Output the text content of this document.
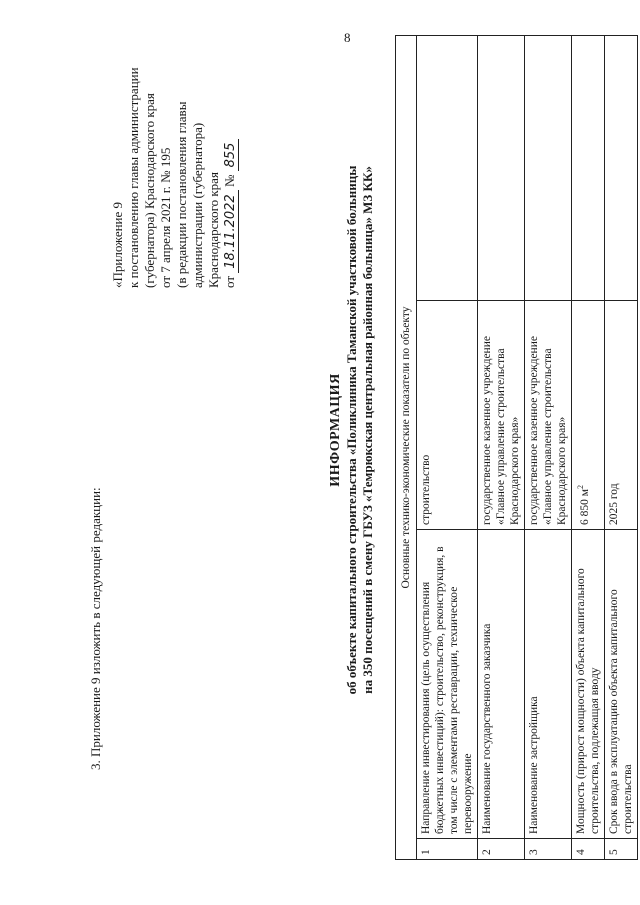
8
3. Приложение 9 изложить в следующей редакции:
«Приложение 9 к постановлению главы администрации (губернатора) Краснодарского края от 7 апреля 2021 г. № 195 (в редакции постановления главы администрации (губернатора) Краснодарского края от 18.11.2022 № 855
ИНФОРМАЦИЯ об объекте капитального строительства «Поликлиника Таманской участковой больницы на 350 посещений в смену ГБУЗ «Темрюкская центральная районная больница» МЗ КК» Основные технико-экономические показатели по объекту			
1	Направление инвестирования (цель осуществления бюджетных инвестиций): строительство, реконструкция, в том числе с элементами реставрации, техническое перевооружение	строительство	
2	Наименование государственного заказчика	государственное казенное учреждение «Главное управление строительства Краснодарского края»	
3	Наименование застройщика	государственное казенное учреждение «Главное управление строительства Краснодарского края»	
4	Мощность (прирост мощности) объекта капитального строительства, подлежащая вводу	6 850 $м^2$	
5	Срок ввода в эксплуатацию объекта капитального строительства	2025 год	
